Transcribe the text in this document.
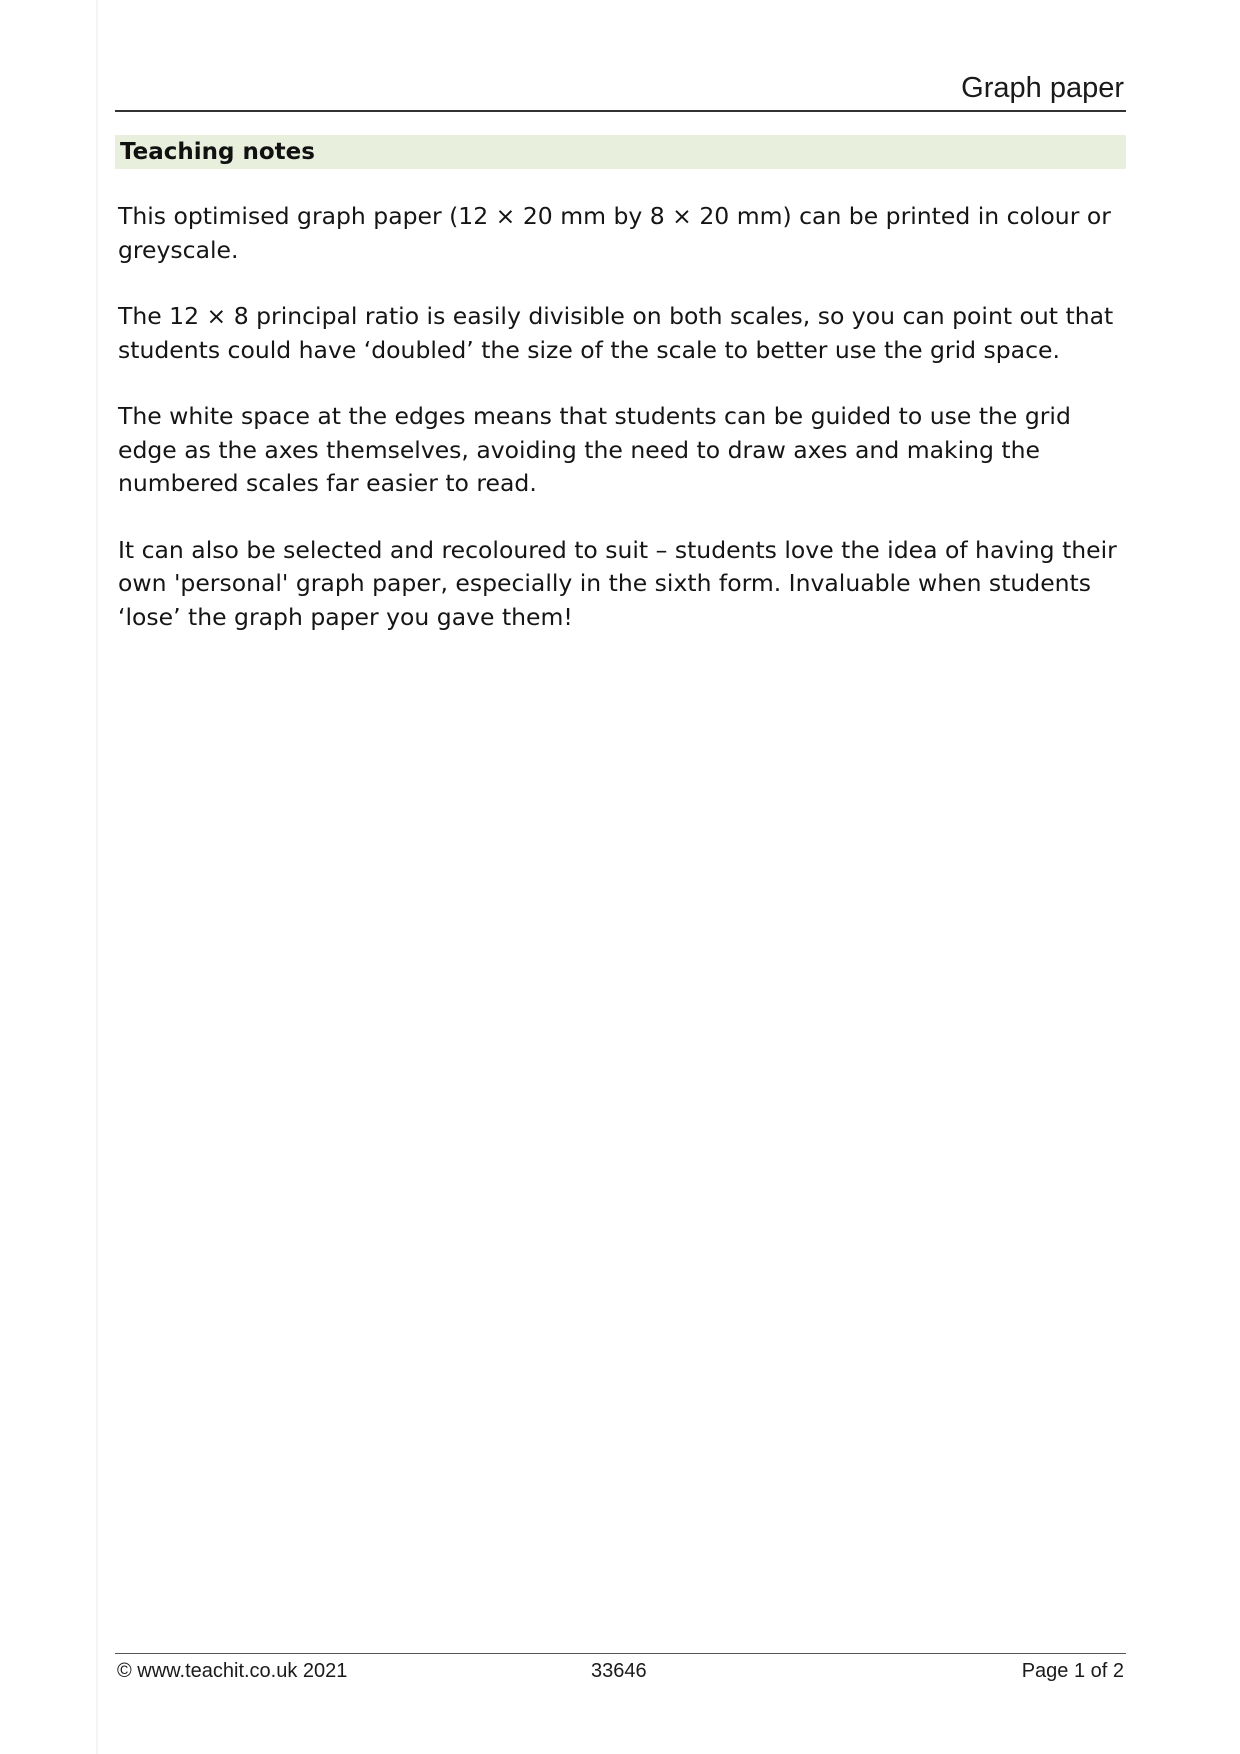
Graph paper
Teaching notes

This optimised graph paper (12 × 20 mm by 8 × 20 mm) can be printed in colour or greyscale.

The 12 × 8 principal ratio is easily divisible on both scales, so you can point out that students could have ‘doubled’ the size of the scale to better use the grid space.

The white space at the edges means that students can be guided to use the grid edge as the axes themselves, avoiding the need to draw axes and making the numbered scales far easier to read.

It can also be selected and recoloured to suit – students love the idea of having their own 'personal' graph paper, especially in the sixth form. Invaluable when students ‘lose’ the graph paper you gave them!

© www.teachit.co.uk 2021	33646	Page 1 of 2
